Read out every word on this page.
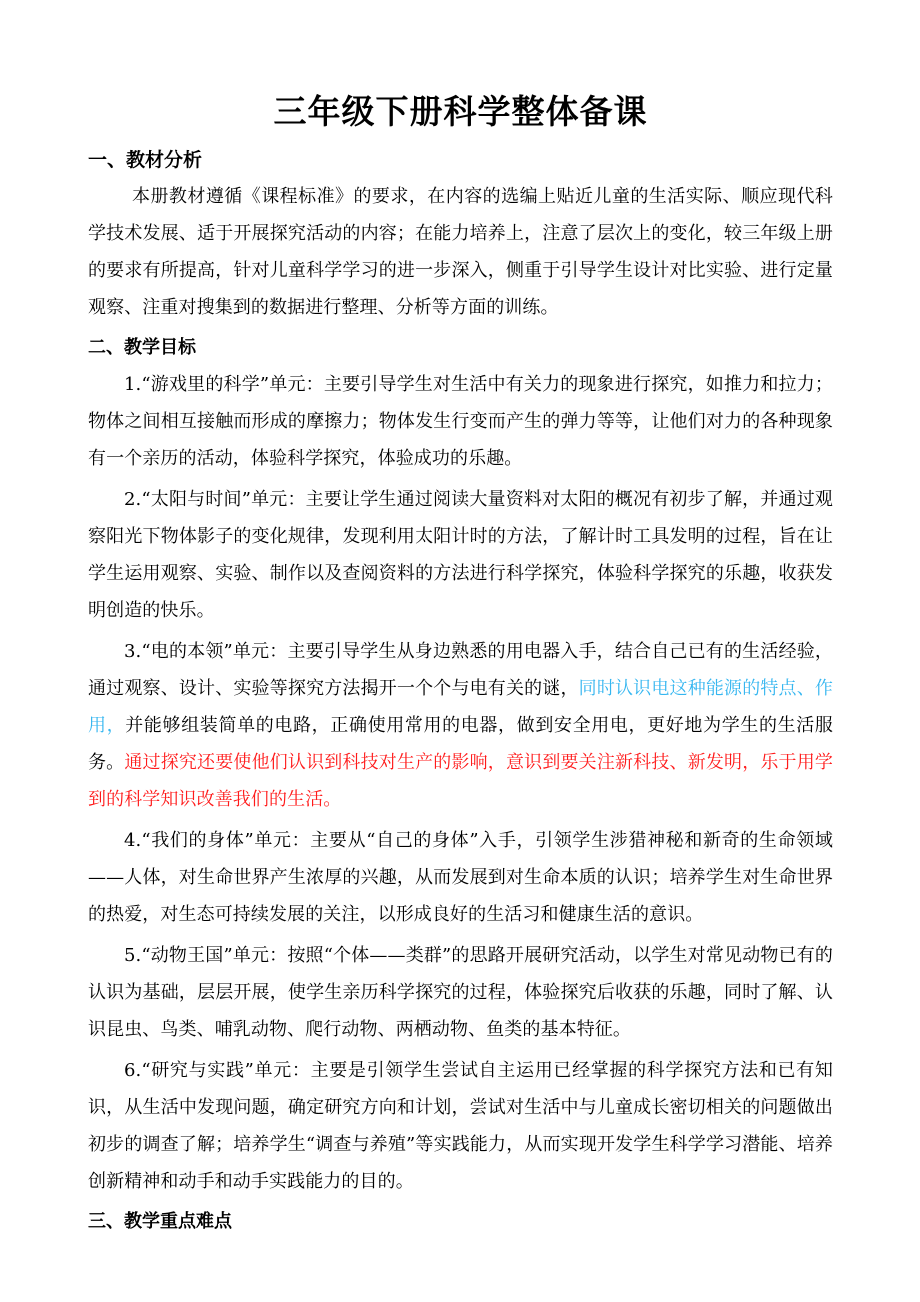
三年级下册科学整体备课
一、教材分析

本册教材遵循《课程标准》的要求，在内容的选编上贴近儿童的生活实际、顺应现代科学技术发展、适于开展探究活动的内容；在能力培养上，注意了层次上的变化，较三年级上册的要求有所提高，针对儿童科学学习的进一步深入，侧重于引导学生设计对比实验、进行定量观察、注重对搜集到的数据进行整理、分析等方面的训练。

二、教学目标

1.“游戏里的科学”单元：主要引导学生对生活中有关力的现象进行探究，如推力和拉力；物体之间相互接触而形成的摩擦力；物体发生行变而产生的弹力等等，让他们对力的各种现象有一个亲历的活动，体验科学探究，体验成功的乐趣。

2.“太阳与时间”单元：主要让学生通过阅读大量资料对太阳的概况有初步了解，并通过观察阳光下物体影子的变化规律，发现利用太阳计时的方法，了解计时工具发明的过程，旨在让学生运用观察、实验、制作以及查阅资料的方法进行科学探究，体验科学探究的乐趣，收获发明创造的快乐。

3.“电的本领”单元：主要引导学生从身边熟悉的用电器入手，结合自己已有的生活经验，通过观察、设计、实验等探究方法揭开一个个与电有关的谜，同时认识电这种能源的特点、作用，并能够组装简单的电路，正确使用常用的电器，做到安全用电，更好地为学生的生活服务。通过探究还要使他们认识到科技对生产的影响，意识到要关注新科技、新发明，乐于用学到的科学知识改善我们的生活。

4.“我们的身体”单元：主要从“自己的身体”入手，引领学生涉猎神秘和新奇的生命领域——人体，对生命世界产生浓厚的兴趣，从而发展到对生命本质的认识；培养学生对生命世界的热爱，对生态可持续发展的关注，以形成良好的生活习和健康生活的意识。

5.“动物王国”单元：按照“个体——类群”的思路开展研究活动，以学生对常见动物已有的认识为基础，层层开展，使学生亲历科学探究的过程，体验探究后收获的乐趣，同时了解、认识昆虫、鸟类、哺乳动物、爬行动物、两栖动物、鱼类的基本特征。

6.“研究与实践”单元：主要是引领学生尝试自主运用已经掌握的科学探究方法和已有知识，从生活中发现问题，确定研究方向和计划，尝试对生活中与儿童成长密切相关的问题做出初步的调查了解；培养学生“调查与养殖”等实践能力，从而实现开发学生科学学习潜能、培养创新精神和动手和动手实践能力的目的。

三、教学重点难点
